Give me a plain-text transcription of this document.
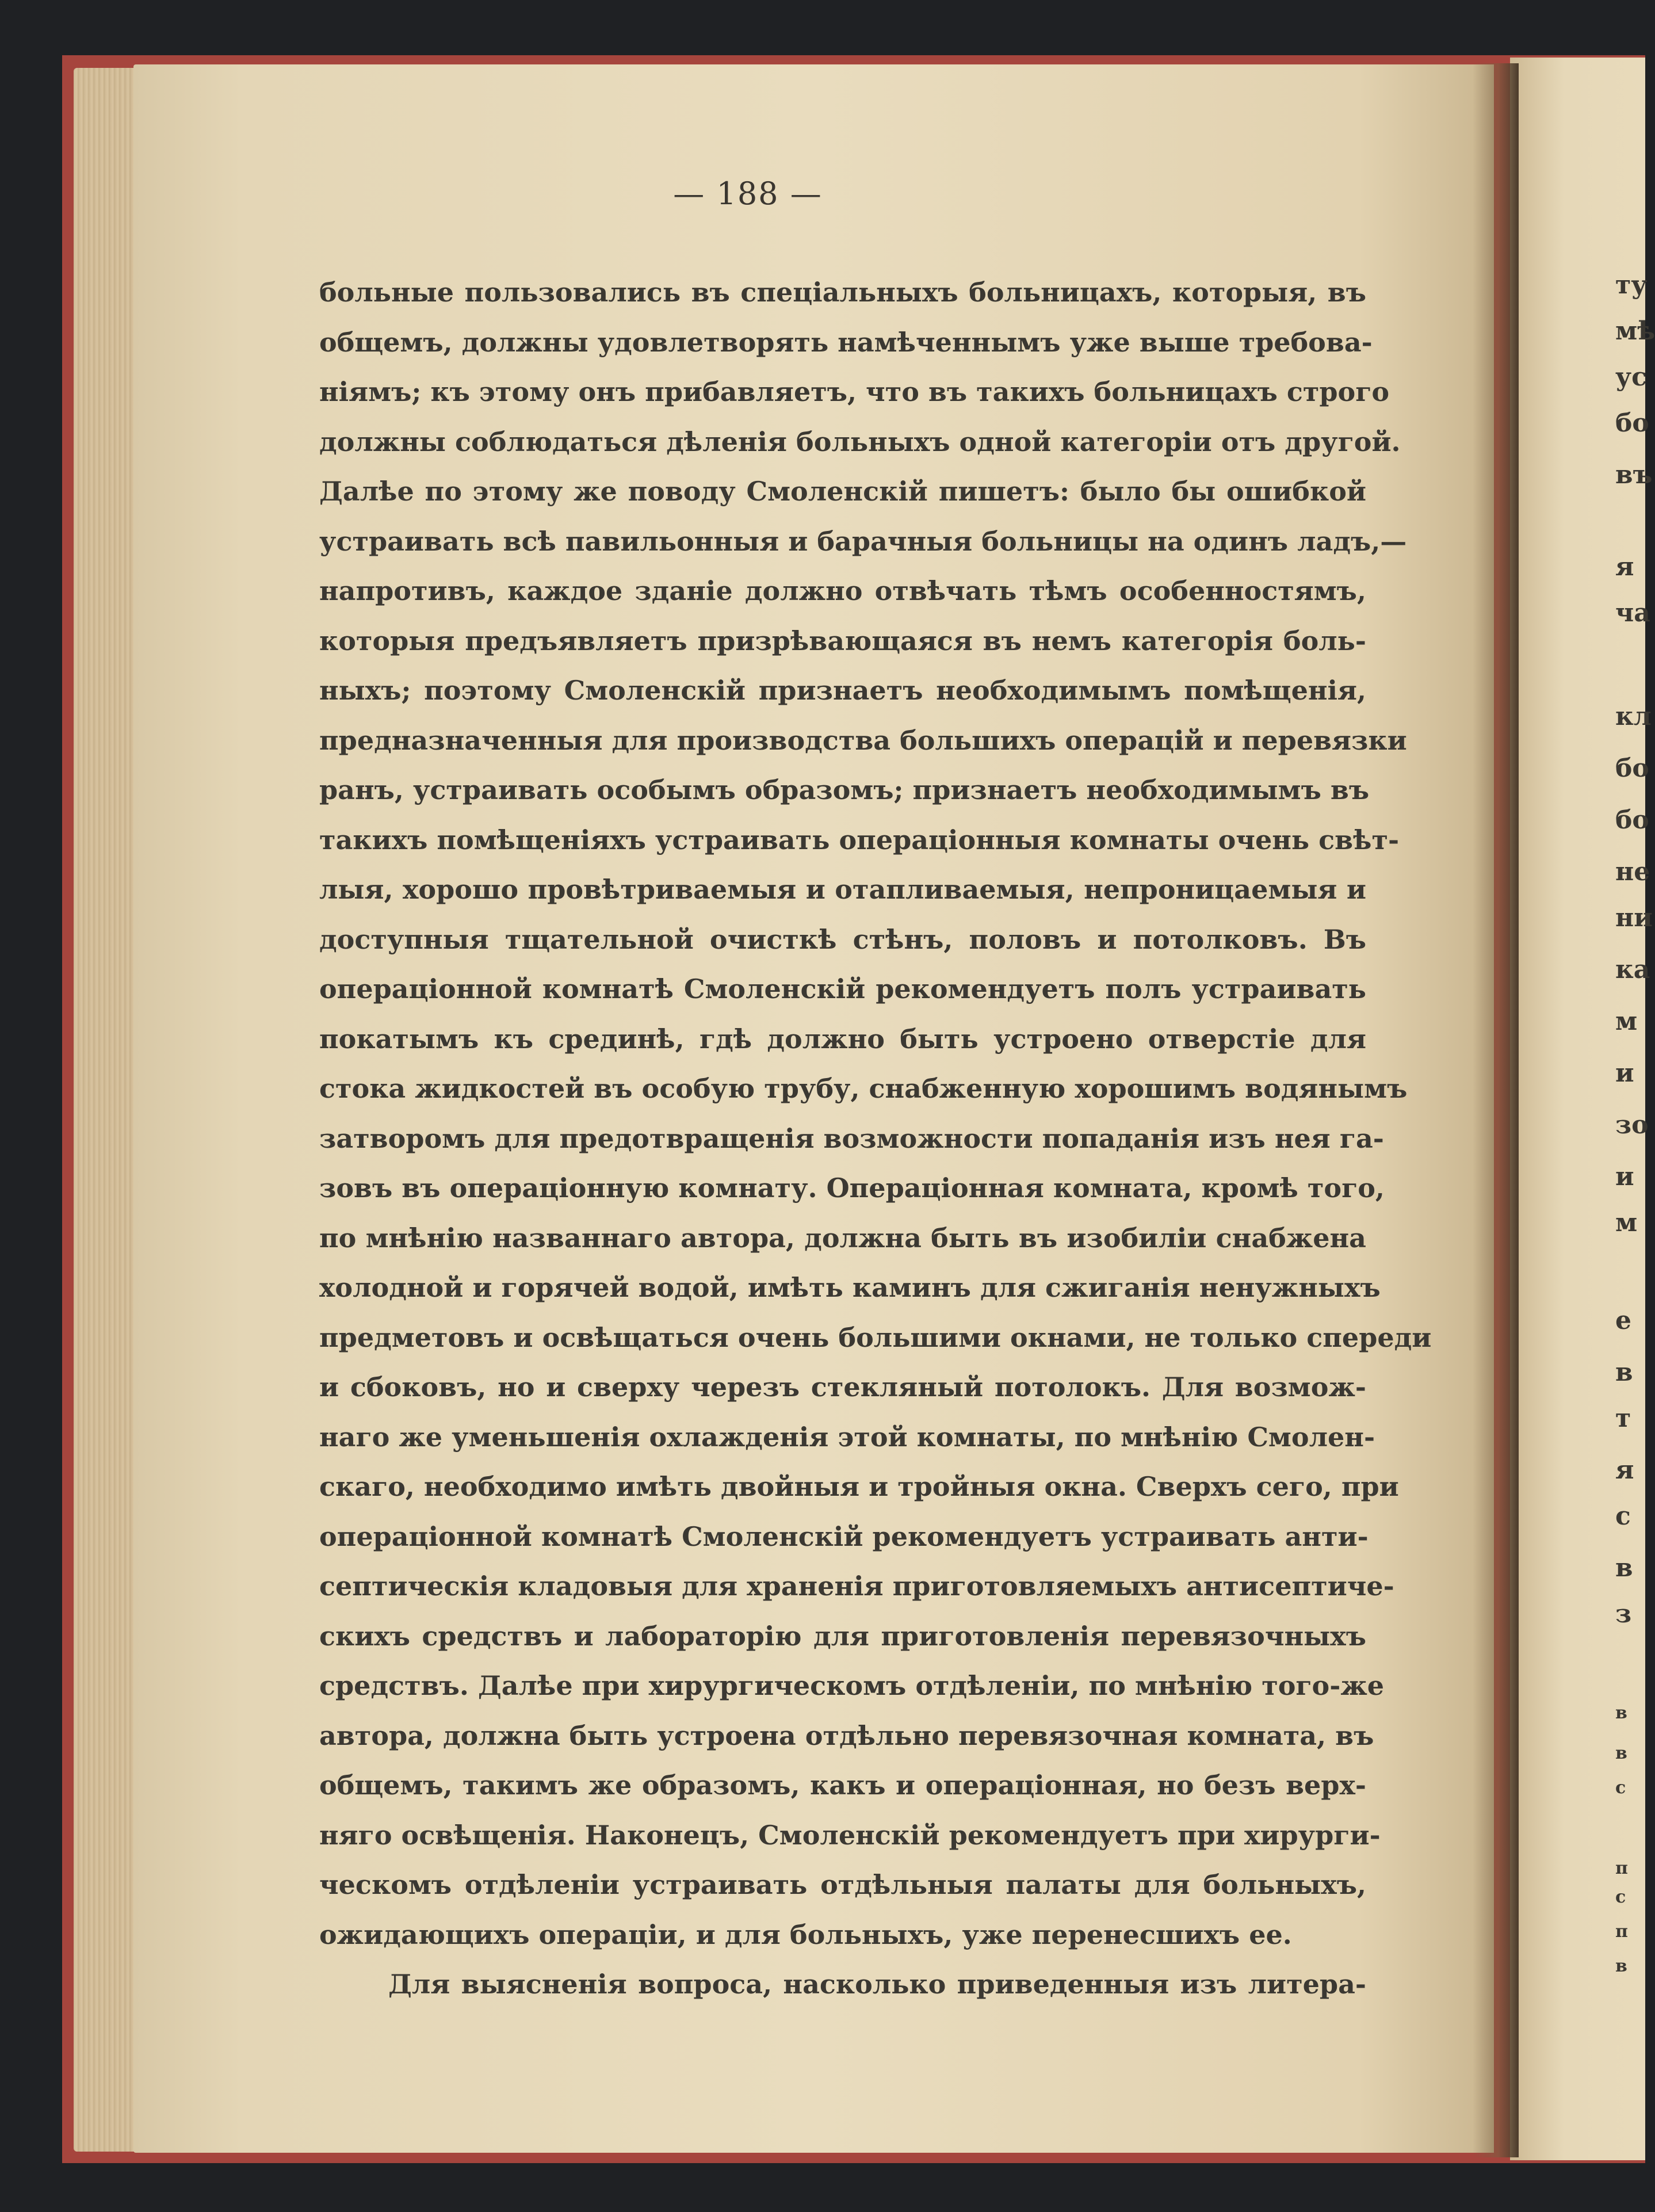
— 188 —
больные пользовались въ спеціальныхъ больницахъ, которыя, въ
общемъ, должны удовлетворять намѣченнымъ уже выше требова-
ніямъ; къ этому онъ прибавляетъ, что въ такихъ больницахъ строго
должны соблюдаться дѣленія больныхъ одной категоріи отъ другой.
Далѣе по этому же поводу Смоленскій пишетъ: было бы ошибкой
устраивать всѣ павильонныя и барачныя больницы на одинъ ладъ,—
напротивъ, каждое зданіе должно отвѣчать тѣмъ особенностямъ,
которыя предъявляетъ призрѣвающаяся въ немъ категорія боль-
ныхъ; поэтому Смоленскій признаетъ необходимымъ помѣщенія,
предназначенныя для производства большихъ операцій и перевязки
ранъ, устраивать особымъ образомъ; признаетъ необходимымъ въ
такихъ помѣщеніяхъ устраивать операціонныя комнаты очень свѣт-
лыя, хорошо провѣтриваемыя и отапливаемыя, непроницаемыя и
доступныя тщательной очисткѣ стѣнъ, половъ и потолковъ. Въ
операціонной комнатѣ Смоленскій рекомендуетъ полъ устраивать
покатымъ къ срединѣ, гдѣ должно быть устроено отверстіе для
стока жидкостей въ особую трубу, снабженную хорошимъ водянымъ
затворомъ для предотвращенія возможности попаданія изъ нея га-
зовъ въ операціонную комнату. Операціонная комната, кромѣ того,
по мнѣнію названнаго автора, должна быть въ изобиліи снабжена
холодной и горячей водой, имѣть каминъ для сжиганія ненужныхъ
предметовъ и освѣщаться очень большими окнами, не только спереди
и сбоковъ, но и сверху черезъ стекляный потолокъ. Для возмож-
наго же уменьшенія охлажденія этой комнаты, по мнѣнію Смолен-
скаго, необходимо имѣть двойныя и тройныя окна. Сверхъ сего, при
операціонной комнатѣ Смоленскій рекомендуетъ устраивать анти-
септическія кладовыя для храненія приготовляемыхъ антисептиче-
скихъ средствъ и лабораторію для приготовленія перевязочныхъ
средствъ. Далѣе при хирургическомъ отдѣленіи, по мнѣнію того-же
автора, должна быть устроена отдѣльно перевязочная комната, въ
общемъ, такимъ же образомъ, какъ и операціонная, но безъ верх-
няго освѣщенія. Наконецъ, Смоленскій рекомендуетъ при хирурги-
ческомъ отдѣленіи устраивать отдѣльныя палаты для больныхъ,
ожидающихъ операціи, и для больныхъ, уже перенесшихъ ее.
Для выясненія вопроса, насколько приведенныя изъ литера-
ту
мѣ
ус
бо
въ
я
ча
кл
бо
бо
не
ни
ка
м
и
зо
и
м
е
в
т
я
с
в
з
в
в
с
п
с
п
в
